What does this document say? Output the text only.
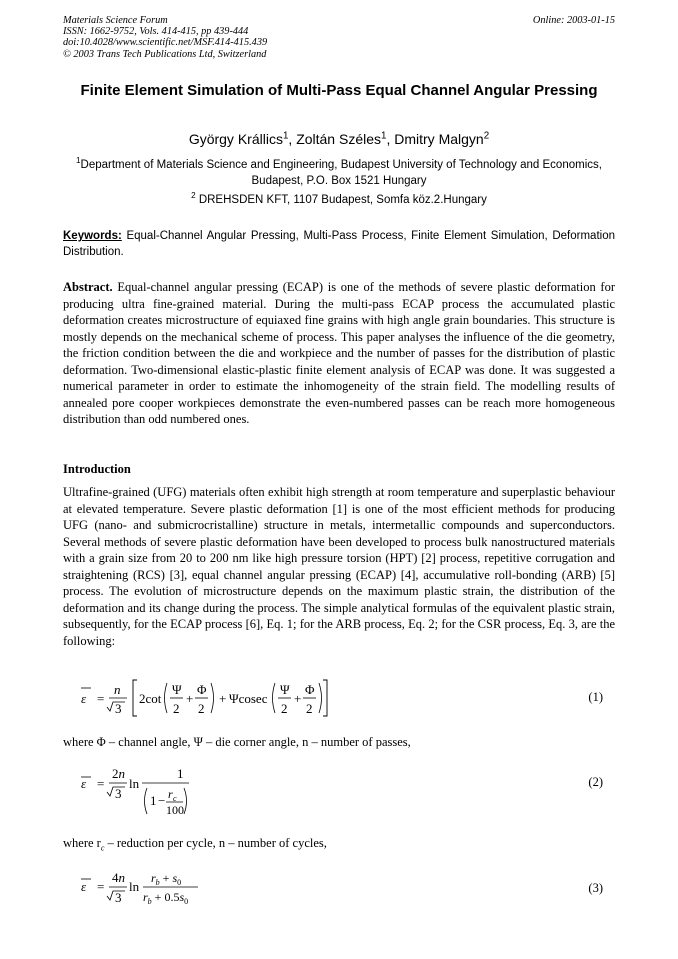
Materials Science Forum
ISSN: 1662-9752, Vols. 414-415, pp 439-444
doi:10.4028/www.scientific.net/MSF.414-415.439
© 2003 Trans Tech Publications Ltd, Switzerland
Online: 2003-01-15
Finite Element Simulation of Multi-Pass Equal Channel Angular Pressing
György Krállics$^1$, Zoltán Széles$^1$, Dmitry Malgyn$^2$
$^1$Department of Materials Science and Engineering, Budapest University of Technology and Economics, Budapest, P.O. Box 1521 Hungary
$^2$ DREHSDEN KFT, 1107 Budapest, Somfa köz.2.Hungary
Keywords: Equal-Channel Angular Pressing, Multi-Pass Process, Finite Element Simulation, Deformation Distribution.
Abstract. Equal-channel angular pressing (ECAP) is one of the methods of severe plastic deformation for producing ultra fine-grained material. During the multi-pass ECAP process the accumulated plastic deformation creates microstructure of equiaxed fine grains with high angle grain boundaries. This structure is mostly depends on the mechanical scheme of process. This paper analyses the influence of the die geometry, the friction condition between the die and workpiece and the number of passes for the distribution of plastic deformation. Two-dimensional elastic-plastic finite element analysis of ECAP was done. It was suggested a numerical parameter in order to estimate the inhomogeneity of the strain field. The modelling results of annealed pore cooper workpieces demonstrate the even-numbered passes can be reach more homogeneous distribution than odd numbered ones.
Introduction
Ultrafine-grained (UFG) materials often exhibit high strength at room temperature and superplastic behaviour at elevated temperature. Severe plastic deformation [1] is one of the most efficient methods for producing UFG (nano- and submicrocristalline) structure in metals, intermetallic compounds and superconductors. Several methods of severe plastic deformation have been developed to process bulk nanostructured materials with a grain size from 20 to 200 nm like high pressure torsion (HPT) [2] process, repetitive corrugation and straightening (RCS) [3], equal channel angular pressing (ECAP) [4], accumulative roll-bonding (ARB) [5] process. The evolution of microstructure depends on the maximum plastic strain, the distribution of the deformation and its change during the process. The simple analytical formulas of the equivalent plastic strain, subsequently, for the ECAP process [6], Eq. 1; for the ARB process, Eq. 2; for the CSR process, Eq. 3, are the following:
ε =
n
3
2cot
Ψ
2
+
Φ
2
+ Ψcosec
Ψ
2
+
Φ
2
(1)
where Φ – channel angle, Ψ – die corner angle, n – number of passes,
ε =
2n
3
ln
1
1 − r c
100
(2)
where $r_c$ – reduction per cycle, n – number of cycles,
ε =
4n
3
ln
$r_b + s_0$
$r_b + 0.5s_0$
(3)
